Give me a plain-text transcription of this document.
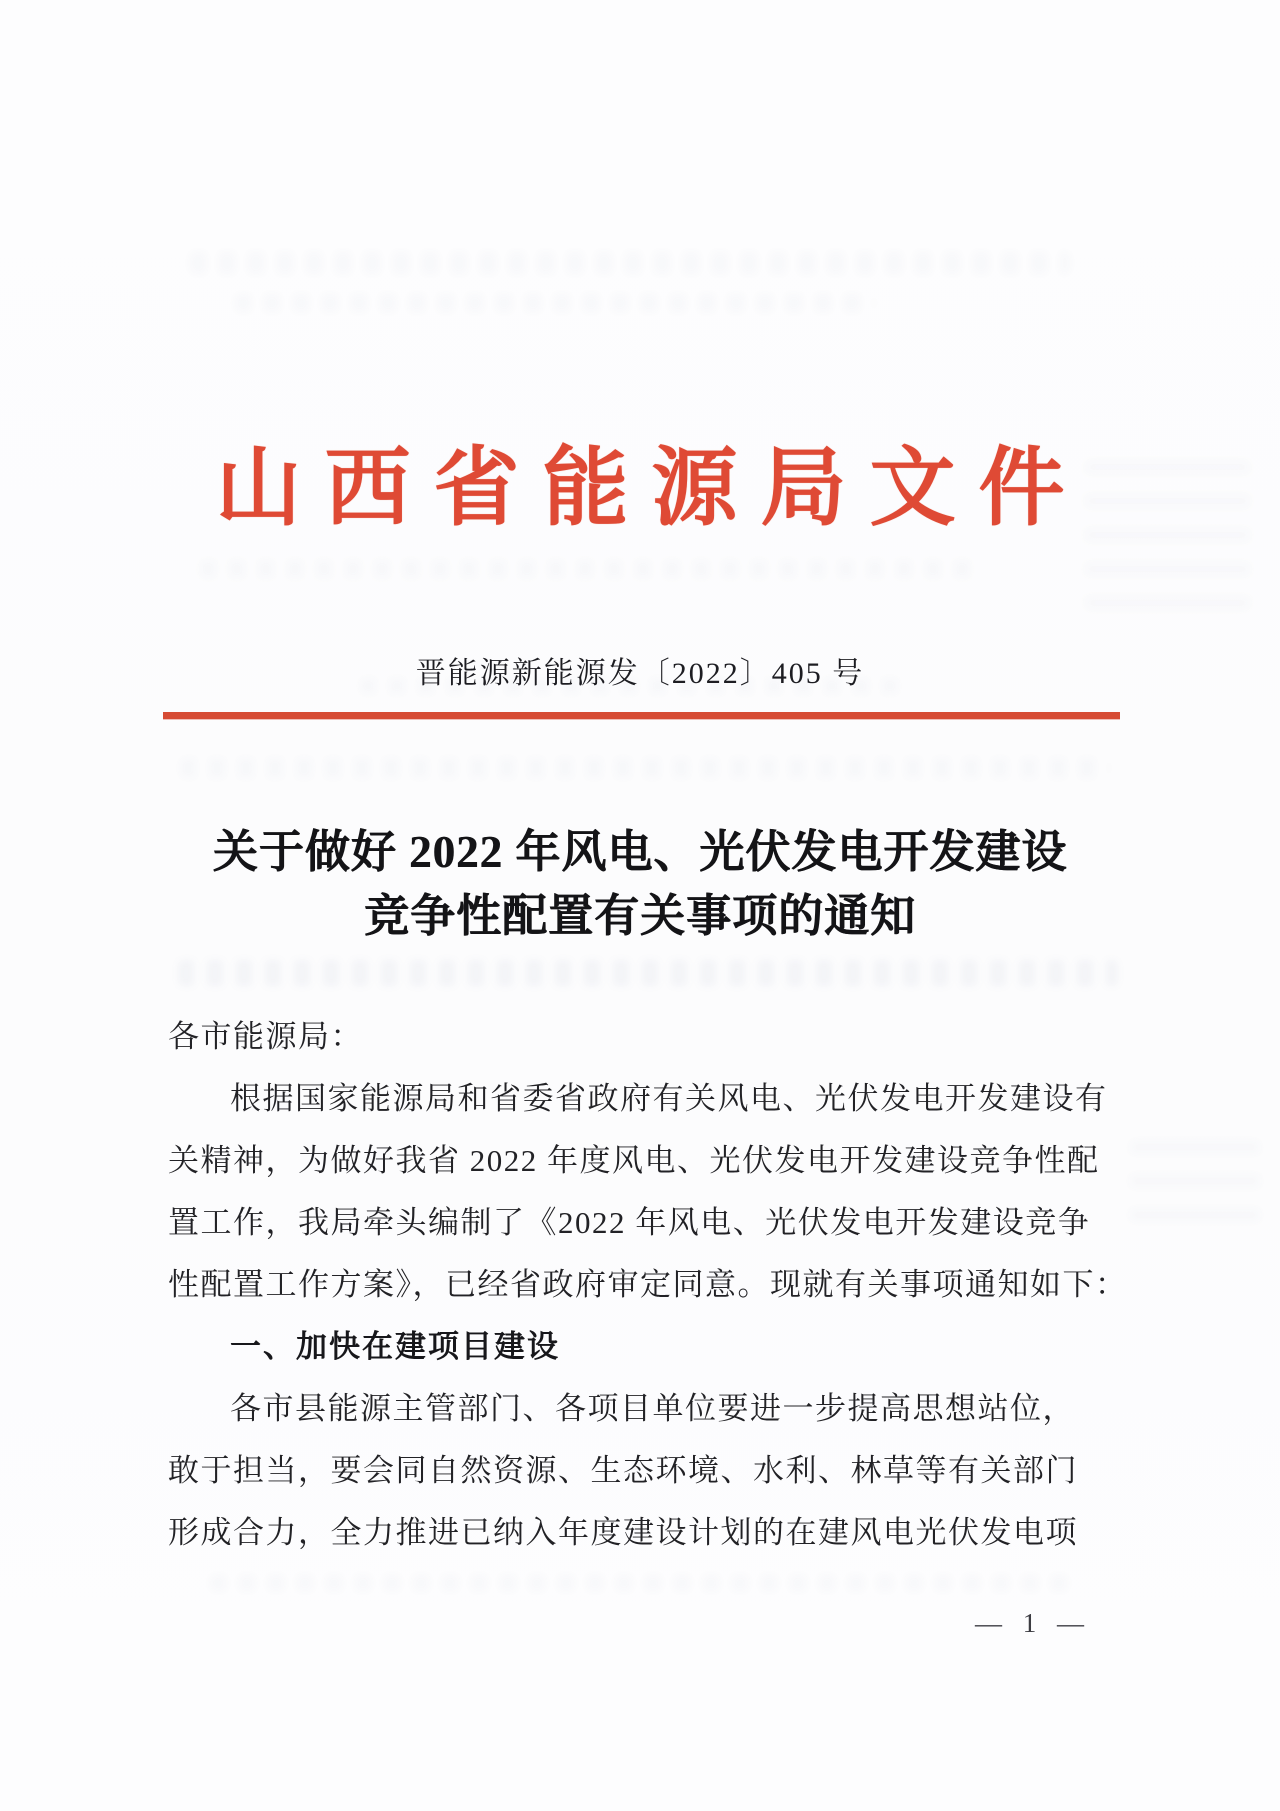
山西省能源局文件
晋能源新能源发〔2022〕405 号
关于做好 2022 年风电、光伏发电开发建设
竞争性配置有关事项的通知
各市能源局：
根据国家能源局和省委省政府有关风电、光伏发电开发建设有
关精神，为做好我省 2022 年度风电、光伏发电开发建设竞争性配
置工作，我局牵头编制了《2022 年风电、光伏发电开发建设竞争
性配置工作方案》，已经省政府审定同意。现就有关事项通知如下：
一、加快在建项目建设
各市县能源主管部门、各项目单位要进一步提高思想站位，
敢于担当，要会同自然资源、生态环境、水利、林草等有关部门
形成合力，全力推进已纳入年度建设计划的在建风电光伏发电项
— 1 —
